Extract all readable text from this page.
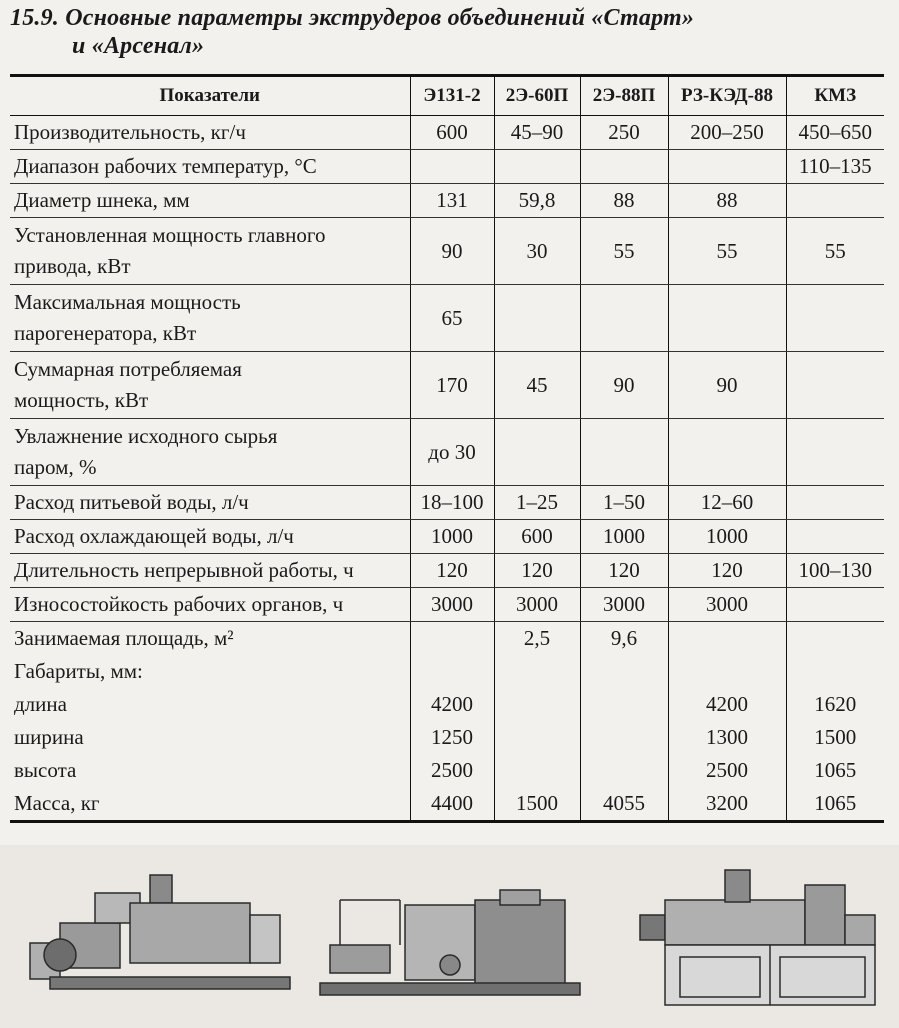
15.9. Основные параметры экструдеров объединений «Старт»
и «Арсенал»
Показатели	Э131-2	2Э-60П	2Э-88П	РЗ-КЭД-88	КМЗ

Производительность, кг/ч	600	45–90	250	200–250	450–650

Диапазон рабочих температур, °С					110–135

Диаметр шнека, мм	131	59,8	88	88	

Установленная мощность главного
привода, кВт	90	30	55	55	55

Максимальная мощность
парогенератора, кВт	65				

Суммарная потребляемая
мощность, кВт	170	45	90	90	

Увлажнение исходного сырья
паром, %	до 30				

Расход питьевой воды, л/ч	18–100	1–25	1–50	12–60	

Расход охлаждающей воды, л/ч	1000	600	1000	1000	

Длительность непрерывной работы, ч	120	120	120	120	100–130

Износостойкость рабочих органов, ч	3000	3000	3000	3000	

Занимаемая площадь, м²		2,5	9,6		

Габариты, мм:					

длина	4200			4200	1620

ширина	1250			1300	1500

высота	2500			2500	1065

Масса, кг	4400	1500	4055	3200	1065
